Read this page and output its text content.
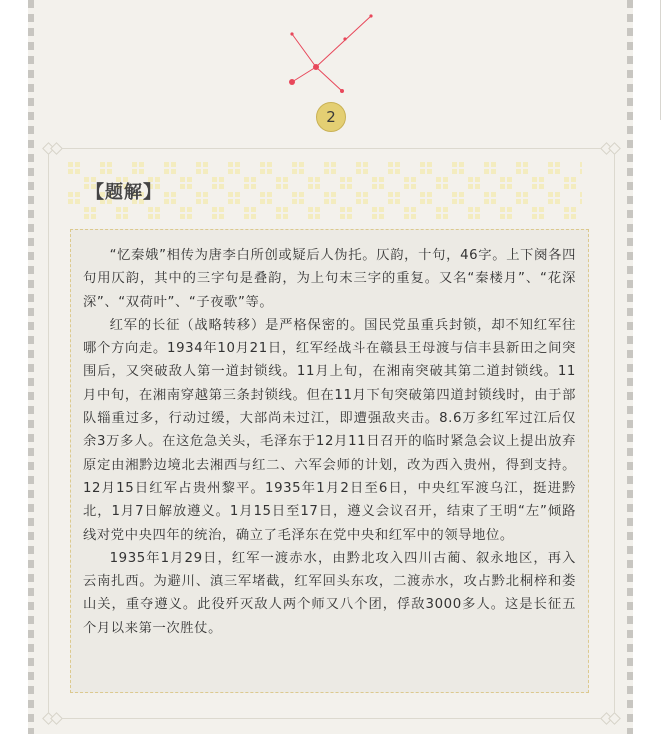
2
【题解】

“忆秦娥”相传为唐李白所创或疑后人伪托。仄韵，十句，46字。上下阕各四句用仄韵，其中的三字句是叠韵，为上句末三字的重复。又名“秦楼月”、“花深深”、“双荷叶”、“子夜歌”等。

红军的长征（战略转移）是严格保密的。国民党虽重兵封锁，却不知红军往哪个方向走。1934年10月21日，红军经战斗在赣县王母渡与信丰县新田之间突围后，又突破敌人第一道封锁线。11月上旬，在湘南突破其第二道封锁线。11月中旬，在湘南穿越第三条封锁线。但在11月下旬突破第四道封锁线时，由于部队辎重过多，行动过缓，大部尚未过江，即遭强敌夹击。8.6万多红军过江后仅余3万多人。在这危急关头，毛泽东于12月11日召开的临时紧急会议上提出放弃原定由湘黔边境北去湘西与红二、六军会师的计划，改为西入贵州，得到支持。12月15日红军占贵州黎平。1935年1月2日至6日，中央红军渡乌江，挺进黔北，1月7日解放遵义。1月15日至17日，遵义会议召开，结束了王明“左”倾路线对党中央四年的统治，确立了毛泽东在党中央和红军中的领导地位。

1935年1月29日，红军一渡赤水，由黔北攻入四川古蔺、叙永地区，再入云南扎西。为避川、滇三军堵截，红军回头东攻，二渡赤水，攻占黔北桐梓和娄山关，重夺遵义。此役歼灭敌人两个师又八个团，俘敌3000多人。这是长征五个月以来第一次胜仗。
